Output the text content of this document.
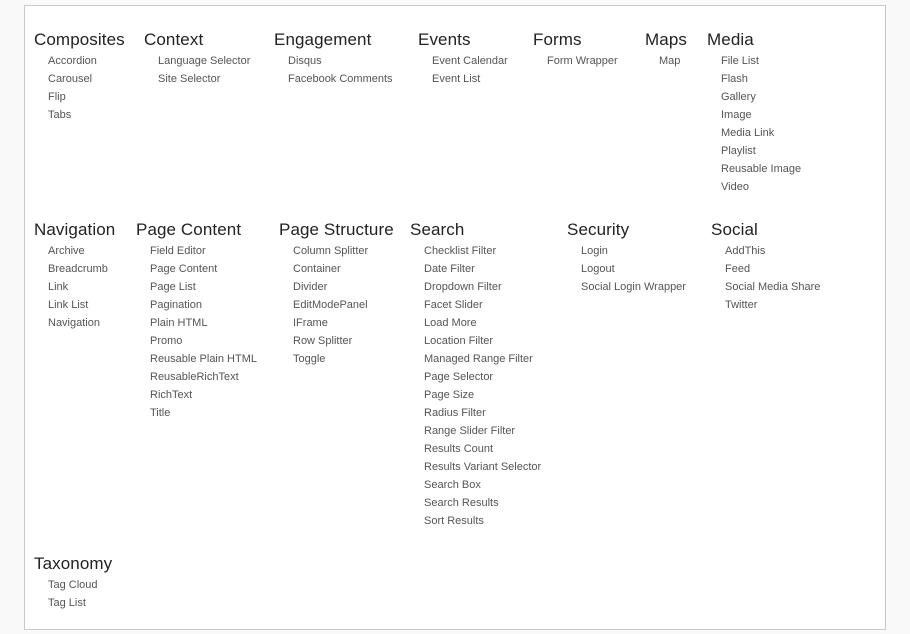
Composites
Accordion
Carousel
Flip
Tabs
Context
Language Selector
Site Selector
Engagement
Disqus
Facebook Comments
Events
Event Calendar
Event List
Forms
Form Wrapper
Maps
Map
Media
File List
Flash
Gallery
Image
Media Link
Playlist
Reusable Image
Video
Navigation
Archive
Breadcrumb
Link
Link List
Navigation
Page Content
Field Editor
Page Content
Page List
Pagination
Plain HTML
Promo
Reusable Plain HTML
ReusableRichText
RichText
Title
Page Structure
Column Splitter
Container
Divider
EditModePanel
IFrame
Row Splitter
Toggle
Search
Checklist Filter
Date Filter
Dropdown Filter
Facet Slider
Load More
Location Filter
Managed Range Filter
Page Selector
Page Size
Radius Filter
Range Slider Filter
Results Count
Results Variant Selector
Search Box
Search Results
Sort Results
Security
Login
Logout
Social Login Wrapper
Social
AddThis
Feed
Social Media Share
Twitter
Taxonomy
Tag Cloud
Tag List
